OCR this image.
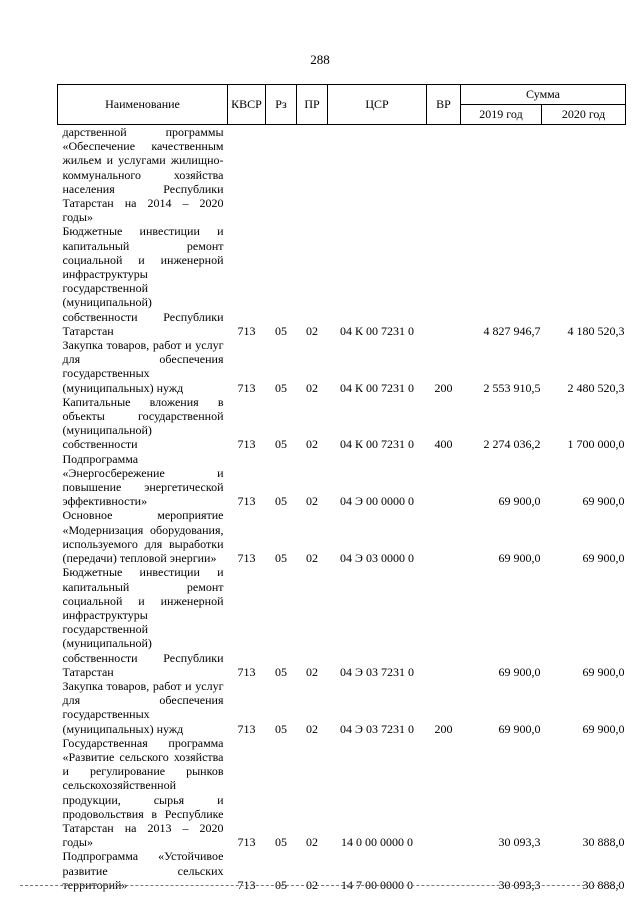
288
Наименование	КВСР	Рз	ПР	ЦСР	ВР	Сумма	
						2019 год	2020 год
дарственной программы «Обеспечение качественным жильем и услугами жилищно-коммунального хозяйства населения Республики Татарстан на 2014 – 2020 годы»							
Бюджетные инвестиции и капитальный ремонт социальной и инженерной инфраструктуры государственной (муниципальной) собственности Республики Татарстан	713	05	02	04 К 00 7231 0		4 827 946,7	4 180 520,3
Закупка товаров, работ и услуг для обеспечения государственных (муниципальных) нужд	713	05	02	04 К 00 7231 0	200	2 553 910,5	2 480 520,3
Капитальные вложения в объекты государственной (муниципальной) собственности	713	05	02	04 К 00 7231 0	400	2 274 036,2	1 700 000,0
Подпрограмма «Энергосбережение и повышение энергетической эффективности»	713	05	02	04 Э 00 0000 0		69 900,0	69 900,0
Основное мероприятие «Модернизация оборудования, используемого для выработки (передачи) тепловой энергии»	713	05	02	04 Э 03 0000 0		69 900,0	69 900,0
Бюджетные инвестиции и капитальный ремонт социальной и инженерной инфраструктуры государственной (муниципальной) собственности Республики Татарстан	713	05	02	04 Э 03 7231 0		69 900,0	69 900,0
Закупка товаров, работ и услуг для обеспечения государственных (муниципальных) нужд	713	05	02	04 Э 03 7231 0	200	69 900,0	69 900,0
Государственная программа «Развитие сельского хозяйства и регулирование рынков сельскохозяйственной продукции, сырья и продовольствия в Республике Татарстан на 2013 – 2020 годы»	713	05	02	14 0 00 0000 0		30 093,3	30 888,0
Подпрограмма «Устойчивое развитие сельских территорий»	713	05	02	14 7 00 0000 0		30 093,3	30 888,0
